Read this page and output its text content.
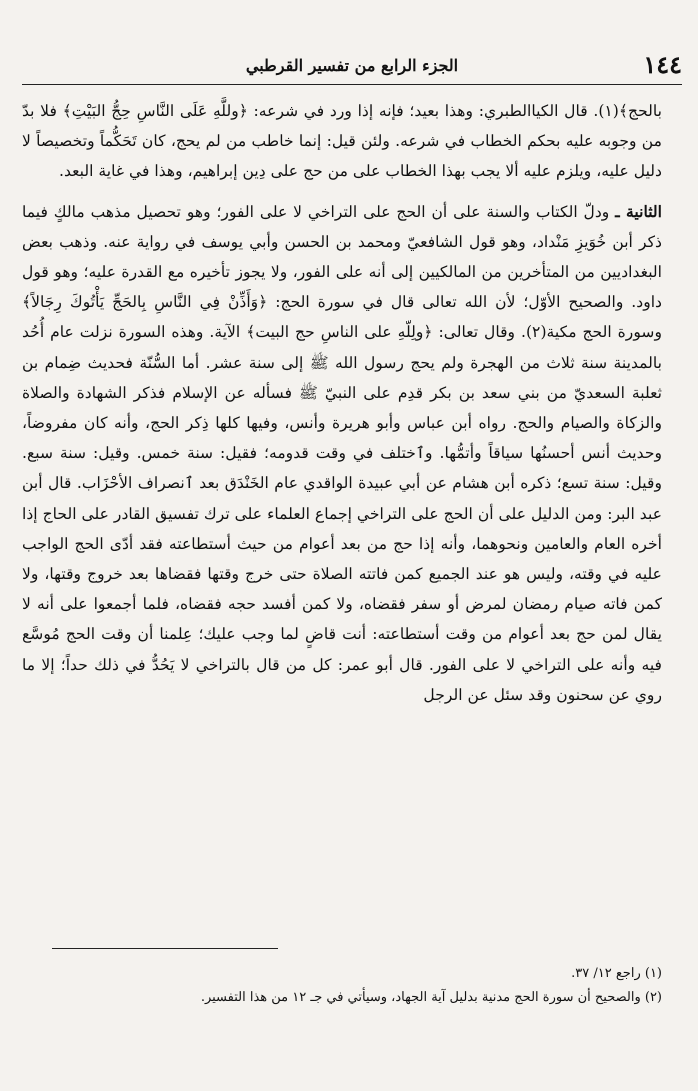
١٤٤
الجزء الرابع من تفسير القرطبي

بالحج﴾(١). قال الكياالطبري: وهذا بعيد؛ فإنه إذا ورد في شرعه: ﴿وللَّهِ عَلَى النَّاسِ حِجُّ البَيْتِ﴾ فلا بدّ من وجوبه عليه بحكم الخطاب في شرعه. ولئن قيل: إنما خاطب من لم يحج، كان تَحَكُّماً وتخصيصاً لا دليل عليه، ويلزم عليه ألا يجب بهذا الخطاب على من حج على دِين إبراهيم، وهذا في غاية البعد.

الثانية ـ ودلّ الكتاب والسنة على أن الحج على التراخي لا على الفور؛ وهو تحصيل مذهب مالكٍ فيما ذكر أبن خُوَيزِ مَنْداد، وهو قول الشافعيّ ومحمد بن الحسن وأبي يوسف في رواية عنه. وذهب بعض البغداديين من المتأخرين من المالكيين إلى أنه على الفور، ولا يجوز تأخيره مع القدرة عليه؛ وهو قول داود. والصحيح الأوّل؛ لأن الله تعالى قال في سورة الحج: ﴿وَأَذِّنْ فِي النَّاسِ بِالحَجِّ يَأْتُوكَ رِجَالاً﴾ وسورة الحج مكية(٢). وقال تعالى: ﴿ولِلّهِ على الناسِ حج البيت﴾ الآية. وهذه السورة نزلت عام أُحُد بالمدينة سنة ثلاث من الهجرة ولم يحج رسول الله ﷺ إلى سنة عشر. أما السُّنّة فحديث ضِمام بن ثعلبة السعديّ من بني سعد بن بكر قدِم على النبيّ ﷺ فسأله عن الإسلام فذكر الشهادة والصلاة والزكاة والصيام والحج. رواه أبن عباس وأبو هريرة وأنس، وفيها كلها ذِكر الحج، وأنه كان مفروضاً، وحديث أنس أحسنُها سياقاً وأتمُّها. وٱختلف في وقت قدومه؛ فقيل: سنة خمس. وقيل: سنة سبع. وقيل: سنة تسع؛ ذكره أبن هشام عن أبي عبيدة الواقدي عام الخَنْدَق بعد ٱنصراف الأحْزَاب. قال أبن عبد البر: ومن الدليل على أن الحج على التراخي إجماع العلماء على ترك تفسيق القادر على الحاج إذا أخره العام والعامين ونحوهما، وأنه إذا حج من بعد أعوام من حيث أستطاعته فقد أدّى الحج الواجب عليه في وقته، وليس هو عند الجميع كمن فاتته الصلاة حتى خرج وقتها فقضاها بعد خروج وقتها، ولا كمن فاته صيام رمضان لمرض أو سفر فقضاه، ولا كمن أفسد حجه فقضاه، فلما أجمعوا على أنه لا يقال لمن حج بعد أعوام من وقت أستطاعته: أنت قاضٍ لما وجب عليك؛ عِلمنا أن وقت الحج مُوسَّع فيه وأنه على التراخي لا على الفور. قال أبو عمر: كل من قال بالتراخي لا يَحُدُّ في ذلك حداً؛ إلا ما روي عن سحنون وقد سئل عن الرجل

(١) راجع ١٢/ ٣٧.

(٢) والصحيح أن سورة الحج مدنية بدليل آية الجهاد، وسيأتي في جـ ١٢ من هذا التفسير.
